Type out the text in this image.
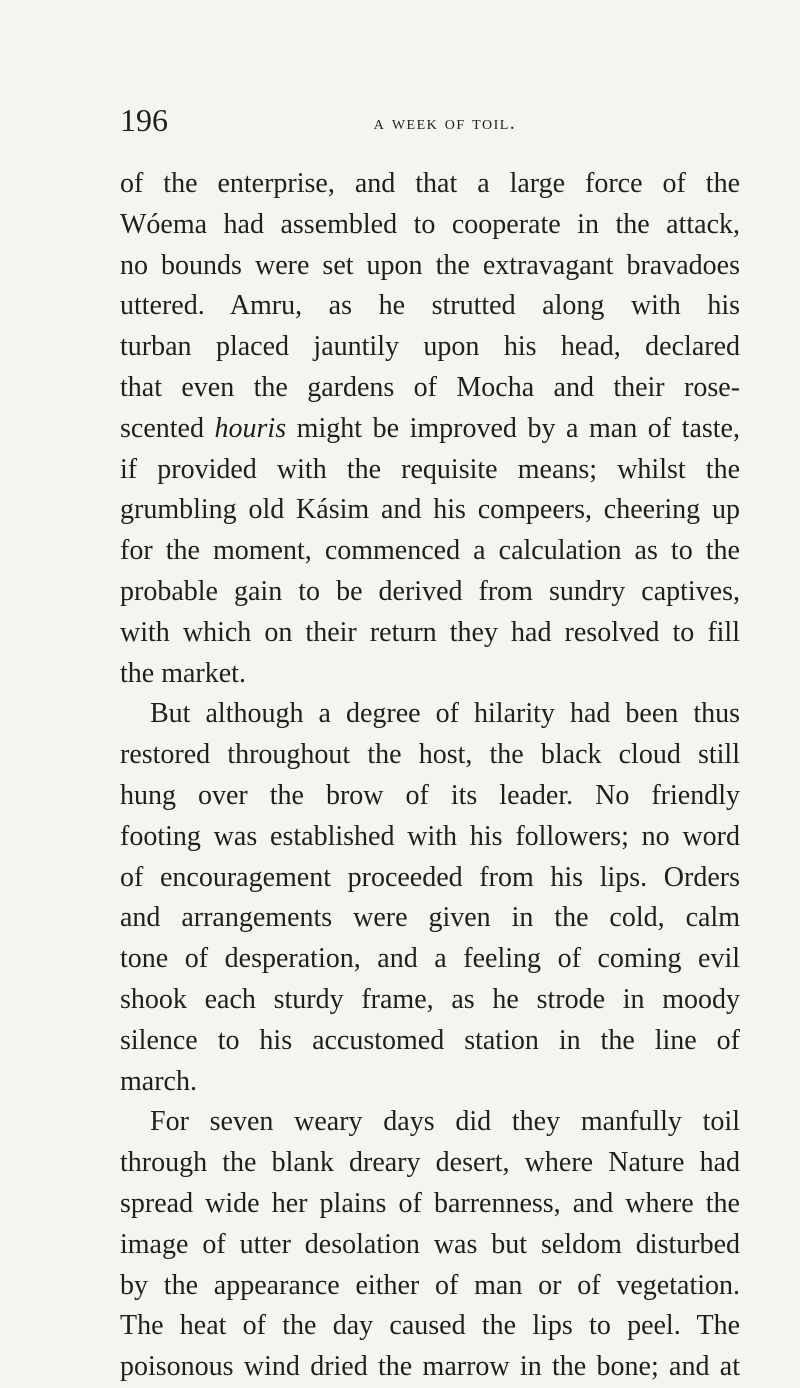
196	a week of toil.
of the enterprise, and that a large force of the
Wóema had assembled to cooperate in the attack,
no bounds were set upon the extravagant bravadoes
uttered. Amru, as he strutted along with his
turban placed jauntily upon his head, declared
that even the gardens of Mocha and their rose-
scented houris might be improved by a man of taste,
if provided with the requisite means; whilst the
grumbling old Kásim and his compeers, cheering up
for the moment, commenced a calculation as to the
probable gain to be derived from sundry captives,
with which on their return they had resolved to fill
the market.
But although a degree of hilarity had been thus
restored throughout the host, the black cloud still
hung over the brow of its leader. No friendly
footing was established with his followers; no word
of encouragement proceeded from his lips. Orders
and arrangements were given in the cold, calm
tone of desperation, and a feeling of coming evil
shook each sturdy frame, as he strode in moody
silence to his accustomed station in the line of
march.
For seven weary days did they manfully toil
through the blank dreary desert, where Nature had
spread wide her plains of barrenness, and where the
image of utter desolation was but seldom disturbed
by the appearance either of man or of vegetation.
The heat of the day caused the lips to peel. The
poisonous wind dried the marrow in the bone; and at
